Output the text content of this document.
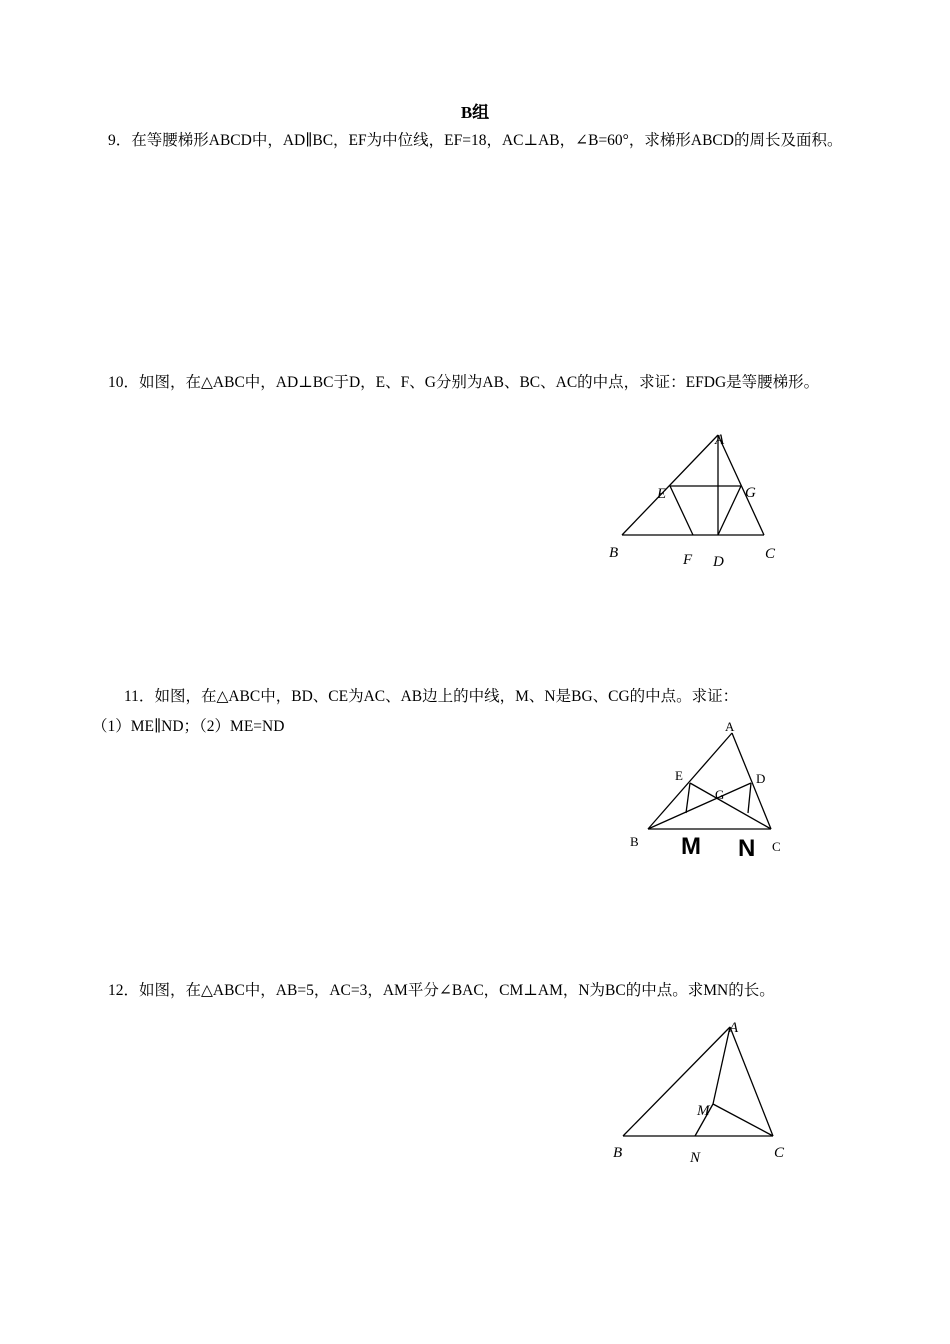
B组
9．在等腰梯形ABCD中，AD∥BC，EF为中位线，EF=18，AC⊥AB，∠B=60°，求梯形ABCD的周长及面积。
10．如图，在△ABC中，AD⊥BC于D，E、F、G分别为AB、BC、AC的中点，求证：EFDG是等腰梯形。
A
E	G
B	F D	C
11．如图，在△ABC中，BD、CE为AC、AB边上的中线，M、N是BG、CG的中点。求证：
（1）ME∥ND；（2）ME=ND	A
E	D
G
B	C
M N
12．如图，在△ABC中，AB=5，AC=3，AM平分∠BAC，CM⊥AM，N为BC的中点。求MN的长。
A
M
B	N	C
